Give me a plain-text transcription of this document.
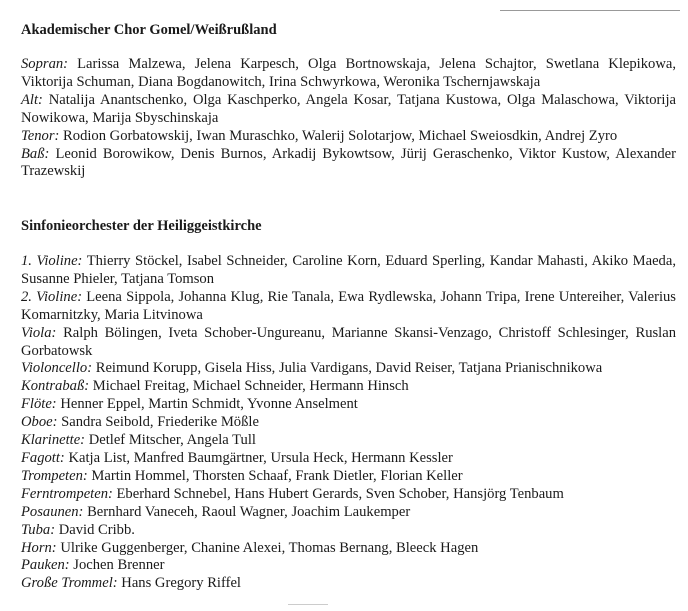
Akademischer Chor Gomel/Weißrußland

Sopran: Larissa Malzewa, Jelena Karpesch, Olga Bortnowskaja, Jelena Schajtor, Swetlana Klepikowa, Viktorija Schuman, Diana Bogdanowitch, Irina Schwyrkowa, Weronika Tschernjawskaja

Alt: Natalija Anantschenko, Olga Kaschperko, Angela Kosar, Tatjana Kustowa, Olga Malaschowa, Viktorija Nowikowa, Marija Sbyschinskaja

Tenor: Rodion Gorbatowskij, Iwan Muraschko, Walerij Solotarjow, Michael Sweiosdkin, Andrej Zyro

Baß: Leonid Borowikow, Denis Burnos, Arkadij Bykowtsow, Jürij Geraschenko, Viktor Kustow, Alexander Trazewskij

Sinfonieorchester der Heiliggeistkirche

1. Violine: Thierry Stöckel, Isabel Schneider, Caroline Korn, Eduard Sperling, Kandar Mahasti, Akiko Maeda, Susanne Phieler, Tatjana Tomson

2. Violine: Leena Sippola, Johanna Klug, Rie Tanala, Ewa Rydlewska, Johann Tripa, Irene Untereiher, Valerius Komarnitzky, Maria Litvinowa

Viola: Ralph Bölingen, Iveta Schober-Ungureanu, Marianne Skansi-Venzago, Christoff Schlesinger, Ruslan Gorbatowsk

Violoncello: Reimund Korupp, Gisela Hiss, Julia Vardigans, David Reiser, Tatjana Prianischnikowa

Kontrabaß: Michael Freitag, Michael Schneider, Hermann Hinsch

Flöte: Henner Eppel, Martin Schmidt, Yvonne Anselment

Oboe: Sandra Seibold, Friederike Mößle

Klarinette: Detlef Mitscher, Angela Tull

Fagott: Katja List, Manfred Baumgärtner, Ursula Heck, Hermann Kessler

Trompeten: Martin Hommel, Thorsten Schaaf, Frank Dietler, Florian Keller

Ferntrompeten: Eberhard Schnebel, Hans Hubert Gerards, Sven Schober, Hansjörg Tenbaum

Posaunen: Bernhard Vaneceh, Raoul Wagner, Joachim Laukemper

Tuba: David Cribb.

Horn: Ulrike Guggenberger, Chanine Alexei, Thomas Bernang, Bleeck Hagen

Pauken: Jochen Brenner

Große Trommel: Hans Gregory Riffel
